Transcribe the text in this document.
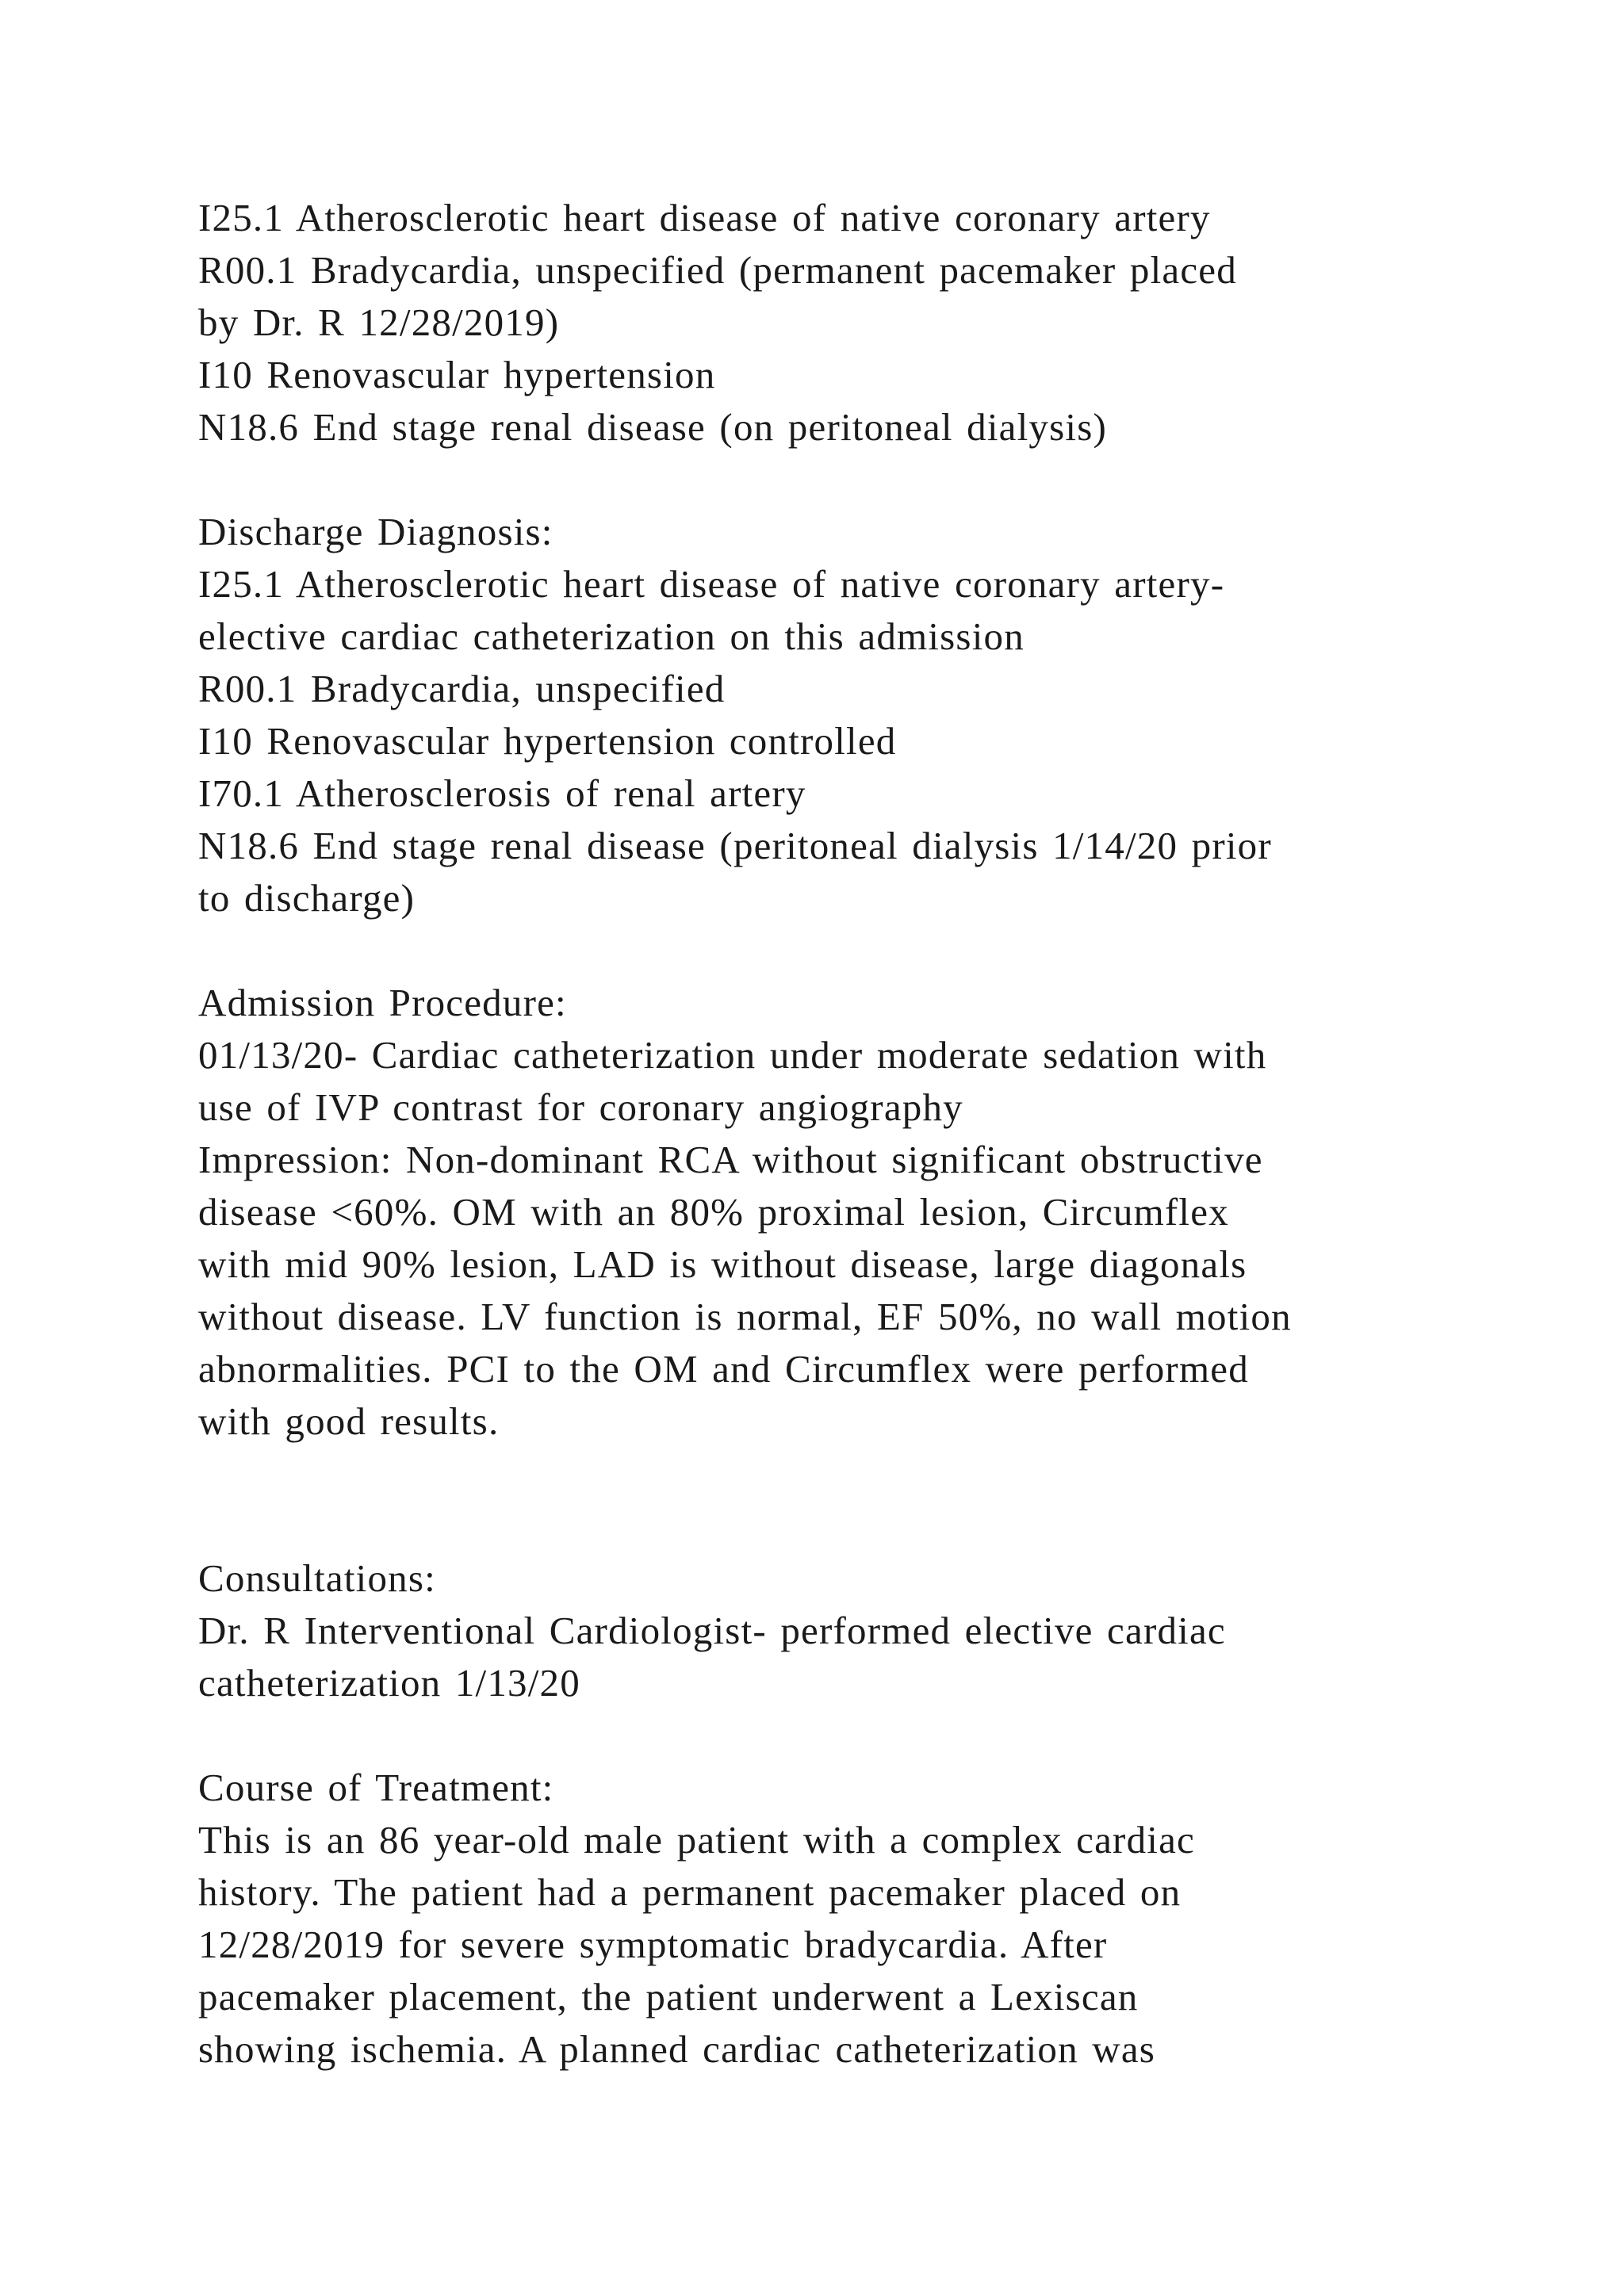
I25.1 Atherosclerotic heart disease of native coronary artery
R00.1 Bradycardia, unspecified (permanent pacemaker placed
by Dr. R 12/28/2019)
I10 Renovascular hypertension
N18.6 End stage renal disease (on peritoneal dialysis)
Discharge Diagnosis:
I25.1 Atherosclerotic heart disease of native coronary artery-
elective cardiac catheterization on this admission
R00.1 Bradycardia, unspecified
I10 Renovascular hypertension controlled
I70.1 Atherosclerosis of renal artery
N18.6 End stage renal disease (peritoneal dialysis 1/14/20 prior
to discharge)
Admission Procedure:
01/13/20- Cardiac catheterization under moderate sedation with
use of IVP contrast for coronary angiography
Impression: Non-dominant RCA without significant obstructive
disease <60%. OM with an 80% proximal lesion, Circumflex
with mid 90% lesion, LAD is without disease, large diagonals
without disease. LV function is normal, EF 50%, no wall motion
abnormalities. PCI to the OM and Circumflex were performed
with good results.
Consultations:
Dr. R Interventional Cardiologist- performed elective cardiac
catheterization 1/13/20
Course of Treatment:
This is an 86 year-old male patient with a complex cardiac
history. The patient had a permanent pacemaker placed on
12/28/2019 for severe symptomatic bradycardia. After
pacemaker placement, the patient underwent a Lexiscan
showing ischemia. A planned cardiac catheterization was
